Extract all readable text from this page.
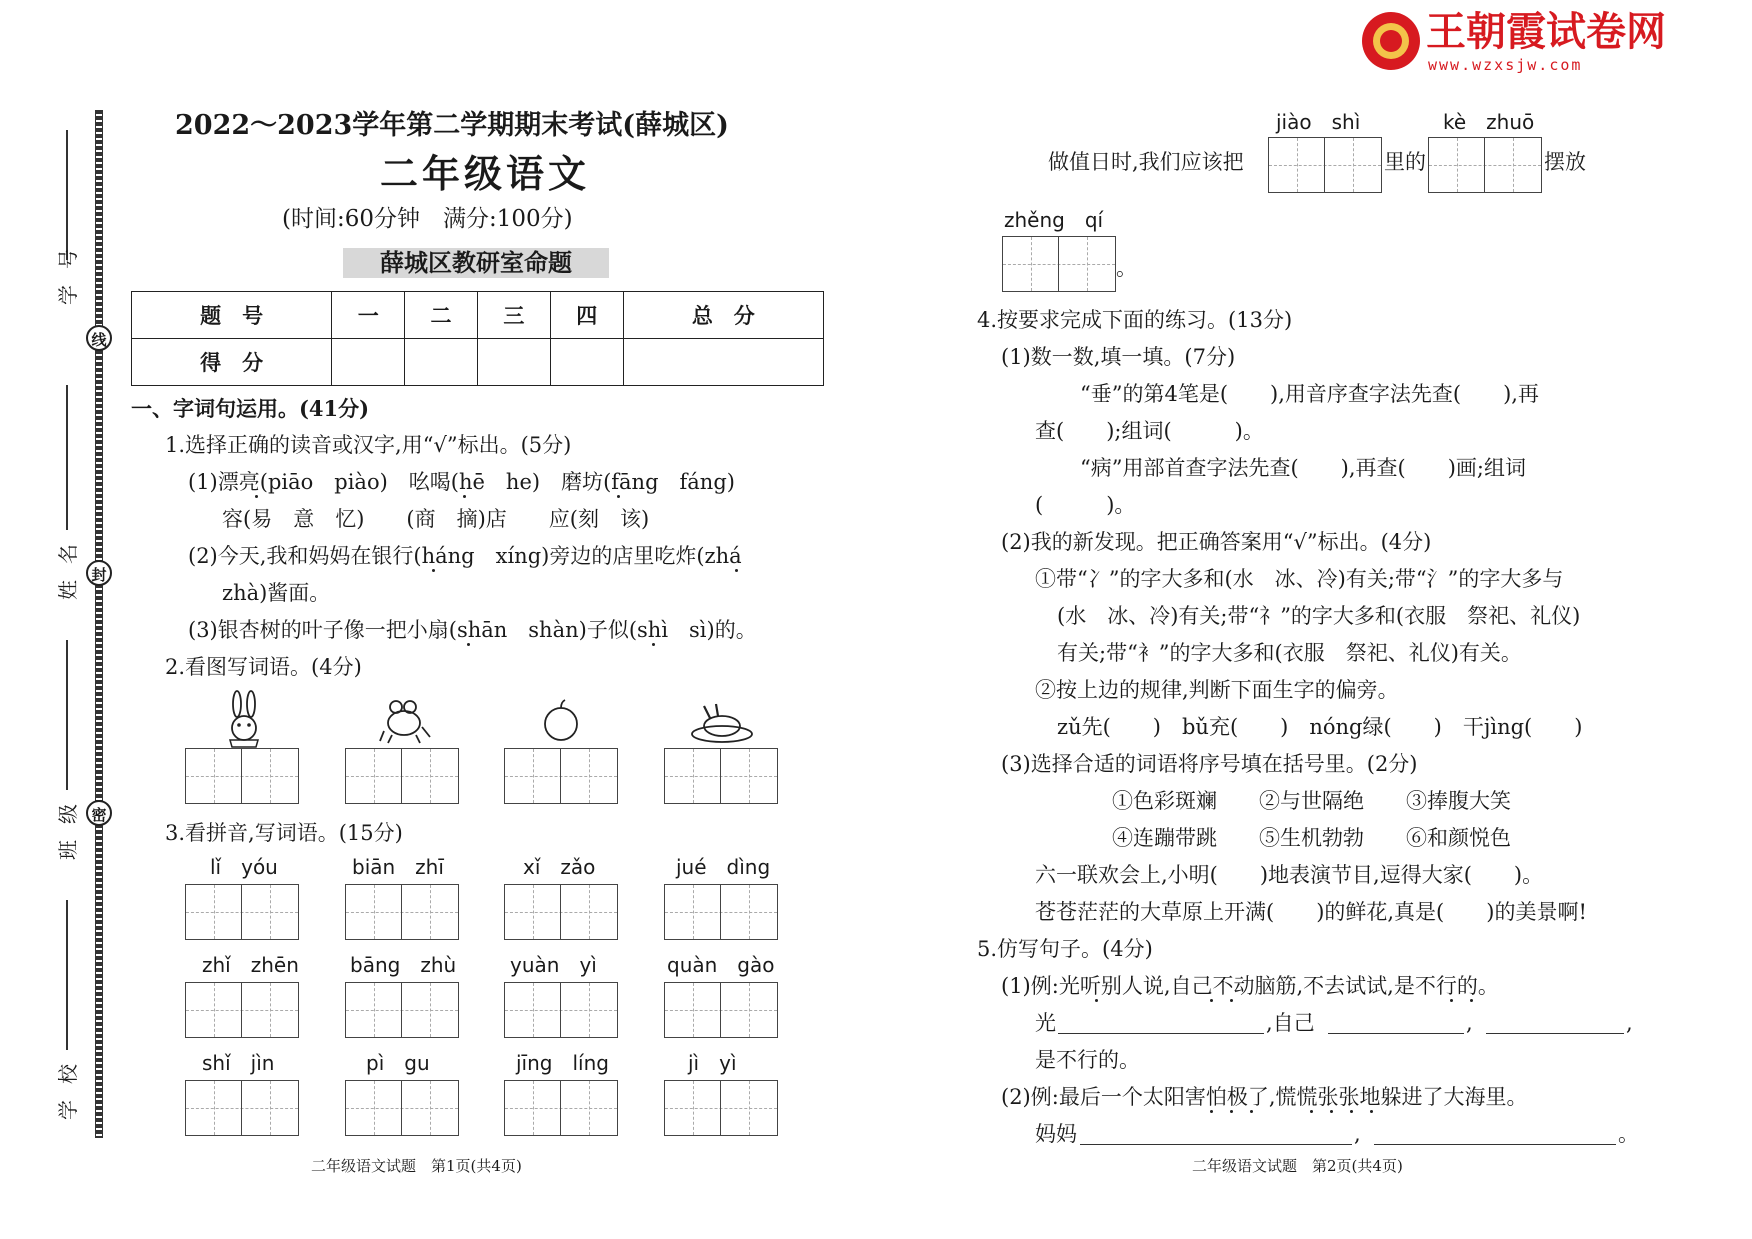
王朝霞试卷网
www.wzxsjw.com
线
封
密
学号
姓名
班级
学校
2022～2023学年第二学期期末考试(薛城区)
二年级语文
(时间:60分钟　满分:100分)
薛城区教研室命题
题　号	一	二	三	四	总　分
得　分					
一、字词句运用。(41分)
1.选择正确的读音或汉字,用“√”标出。(5分)
(1)漂亮(piāo　piào)　吆喝(hē　he)　磨坊(fāng　fáng)
容(易　意　忆)　　(商　摘)店　　应(刻　该)
(2)今天,我和妈妈在银行(háng　xíng)旁边的店里吃炸(zhá
zhà)酱面。
(3)银杏树的叶子像一把小扇(shān　shàn)子似(shì　sì)的。
2.看图写词语。(4分)
3.看拼音,写词语。(15分)
lǐ　yóu	biān　zhī	xǐ　zǎo	jué　dìng
zhǐ　zhēn	bāng　zhù	yuàn　yì	quàn　gào
shǐ　jìn	pì　gu	jīng　líng	jì　yì
二年级语文试题　第1页(共4页)
jiào　shì	kè　zhuō
做值日时,我们应该把	里的	摆放
zhěng　qí
。
4.按要求完成下面的练习。(13分)
(1)数一数,填一填。(7分)
“垂”的第4笔是(　　),用音序查字法先查(　　),再
查(　　);组词(　　　)。
“病”用部首查字法先查(　　),再查(　　)画;组词
(　　　)。
(2)我的新发现。把正确答案用“√”标出。(4分)
①带“冫”的字大多和(水　冰、冷)有关;带“氵”的字大多与
(水　冰、冷)有关;带“礻”的字大多和(衣服　祭祀、礼仪)
有关;带“衤”的字大多和(衣服　祭祀、礼仪)有关。
②按上边的规律,判断下面生字的偏旁。
zǔ先(　　)　bǔ充(　　)　nóng绿(　　)　干jìng(　　)
(3)选择合适的词语将序号填在括号里。(2分)
①色彩斑斓　　②与世隔绝　　③捧腹大笑
④连蹦带跳　　⑤生机勃勃　　⑥和颜悦色
六一联欢会上,小明(　　)地表演节目,逗得大家(　　)。
苍苍茫茫的大草原上开满(　　)的鲜花,真是(　　)的美景啊!
5.仿写句子。(4分)
(1)例:光听别人说,自己不动脑筋,不去试试,是不行的。
光	,自己	,	,
是不行的。
(2)例:最后一个太阳害怕极了,慌慌张张地躲进了大海里。
妈妈	,	。
二年级语文试题　第2页(共4页)
